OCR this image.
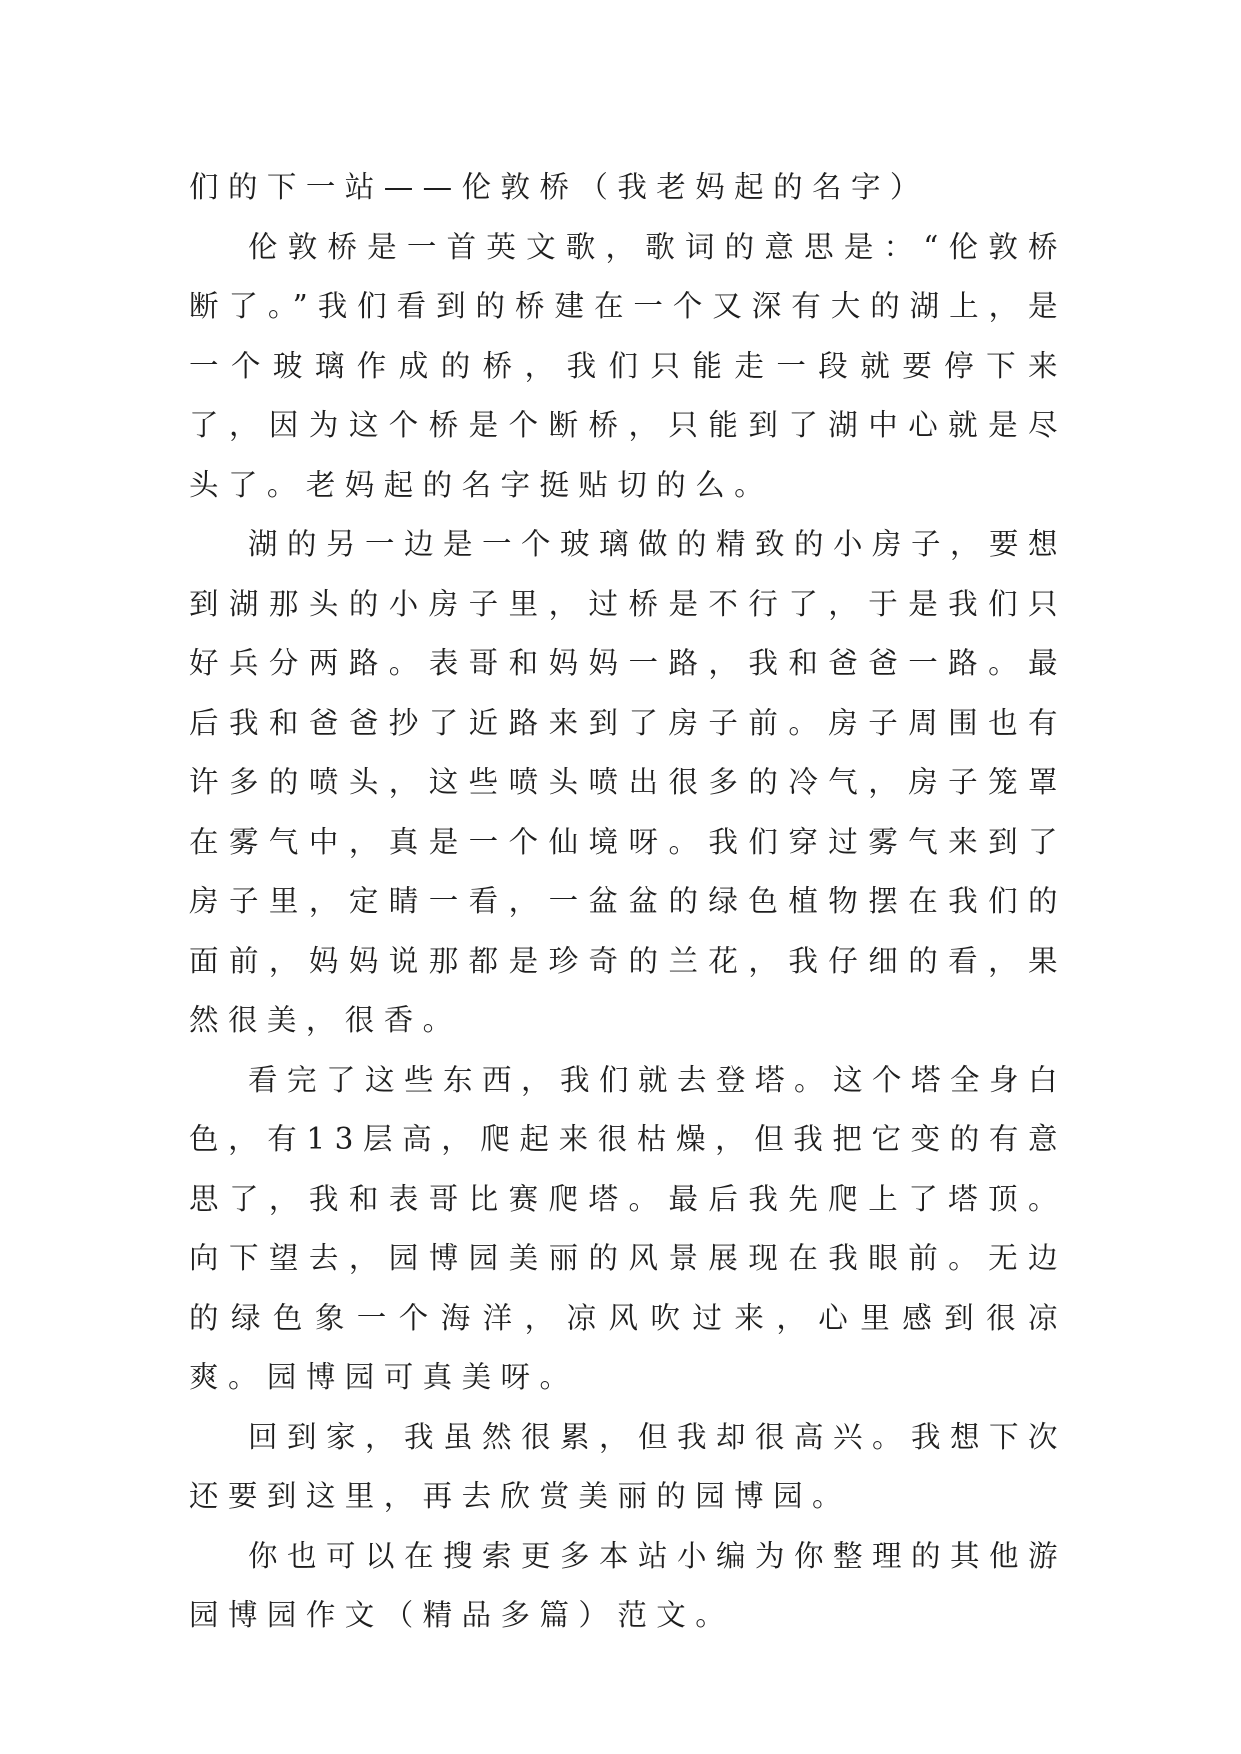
们的下一站——伦敦桥（我老妈起的名字）

伦敦桥是一首英文歌，歌词的意思是：“伦敦桥断了。”我们看到的桥建在一个又深有大的湖上，是一个玻璃作成的桥，我们只能走一段就要停下来了，因为这个桥是个断桥，只能到了湖中心就是尽头了。老妈起的名字挺贴切的么。

湖的另一边是一个玻璃做的精致的小房子，要想到湖那头的小房子里，过桥是不行了，于是我们只好兵分两路。表哥和妈妈一路，我和爸爸一路。最后我和爸爸抄了近路来到了房子前。房子周围也有许多的喷头，这些喷头喷出很多的冷气，房子笼罩在雾气中，真是一个仙境呀。我们穿过雾气来到了房子里，定睛一看，一盆盆的绿色植物摆在我们的面前，妈妈说那都是珍奇的兰花，我仔细的看，果然很美，很香。

看完了这些东西，我们就去登塔。这个塔全身白色，有13层高，爬起来很枯燥，但我把它变的有意思了，我和表哥比赛爬塔。最后我先爬上了塔顶。向下望去，园博园美丽的风景展现在我眼前。无边的绿色象一个海洋，凉风吹过来，心里感到很凉爽。园博园可真美呀。

回到家，我虽然很累，但我却很高兴。我想下次还要到这里，再去欣赏美丽的园博园。

你也可以在搜索更多本站小编为你整理的其他游园博园作文（精品多篇）范文。
